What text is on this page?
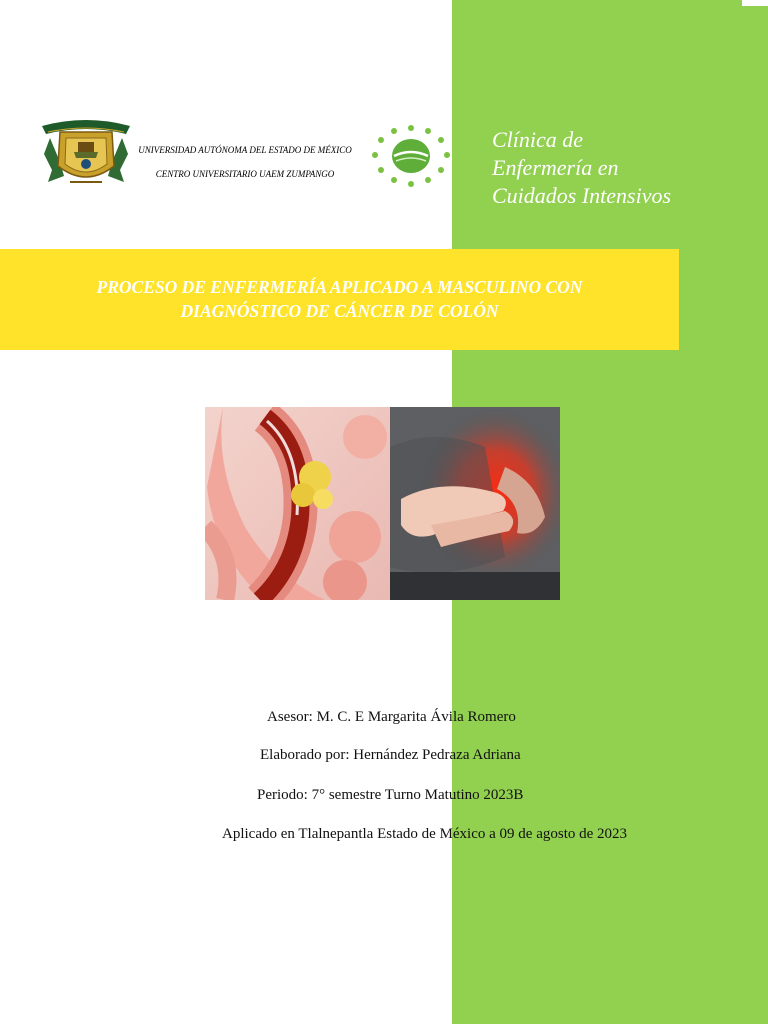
UNIVERSIDAD AUTÓNOMA DEL ESTADO DE MÉXICO
CENTRO UNIVERSITARIO UAEM ZUMPANGO
Clínica de
Enfermería en
Cuidados Intensivos
PROCESO DE ENFERMERÍA APLICADO A MASCULINO CON
DIAGNÓSTICO DE CÁNCER DE COLÓN
Asesor: M. C. E Margarita Ávila Romero
Elaborado por: Hernández Pedraza Adriana
Periodo: 7° semestre Turno Matutino 2023B
Aplicado en Tlalnepantla Estado de México a 09 de agosto de 2023
